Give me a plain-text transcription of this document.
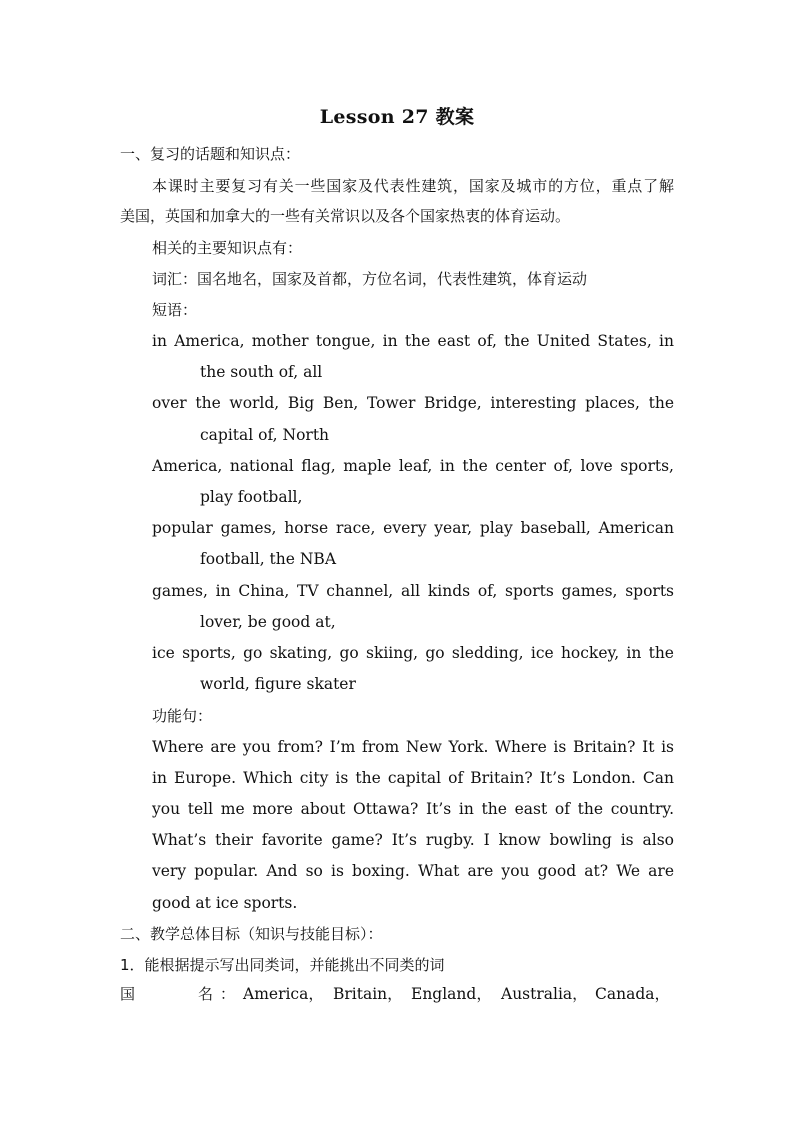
Lesson 27 教案
一、复习的话题和知识点：
本课时主要复习有关一些国家及代表性建筑，国家及城市的方位，重点了解
美国，英国和加拿大的一些有关常识以及各个国家热衷的体育运动。
相关的主要知识点有：
词汇：国名地名，国家及首都，方位名词，代表性建筑，体育运动
短语：
in America, mother tongue, in the east of, the United States, in
the south of, all
over the world, Big Ben, Tower Bridge, interesting places, the
capital of, North
America, national flag, maple leaf, in the center of, love sports,
play football,
popular games, horse race, every year, play baseball, American
football, the NBA
games, in China, TV channel, all kinds of, sports games, sports
lover, be good at,
ice sports, go skating, go skiing, go sledding, ice hockey, in the
world, figure skater
功能句：
Where are you from? I’m from New York. Where is Britain? It is
in Europe. Which city is the capital of Britain? It’s London. Can
you tell me more about Ottawa? It’s in the east of the country.
What’s their favorite game? It’s rugby. I know bowling is also
very popular. And so is boxing. What are you good at? We are
good at ice sports.
二、教学总体目标（知识与技能目标）：
1．能根据提示写出同类词，并能挑出不同类的词
国	名 ： America， Britain， England， Australia， Canada，
